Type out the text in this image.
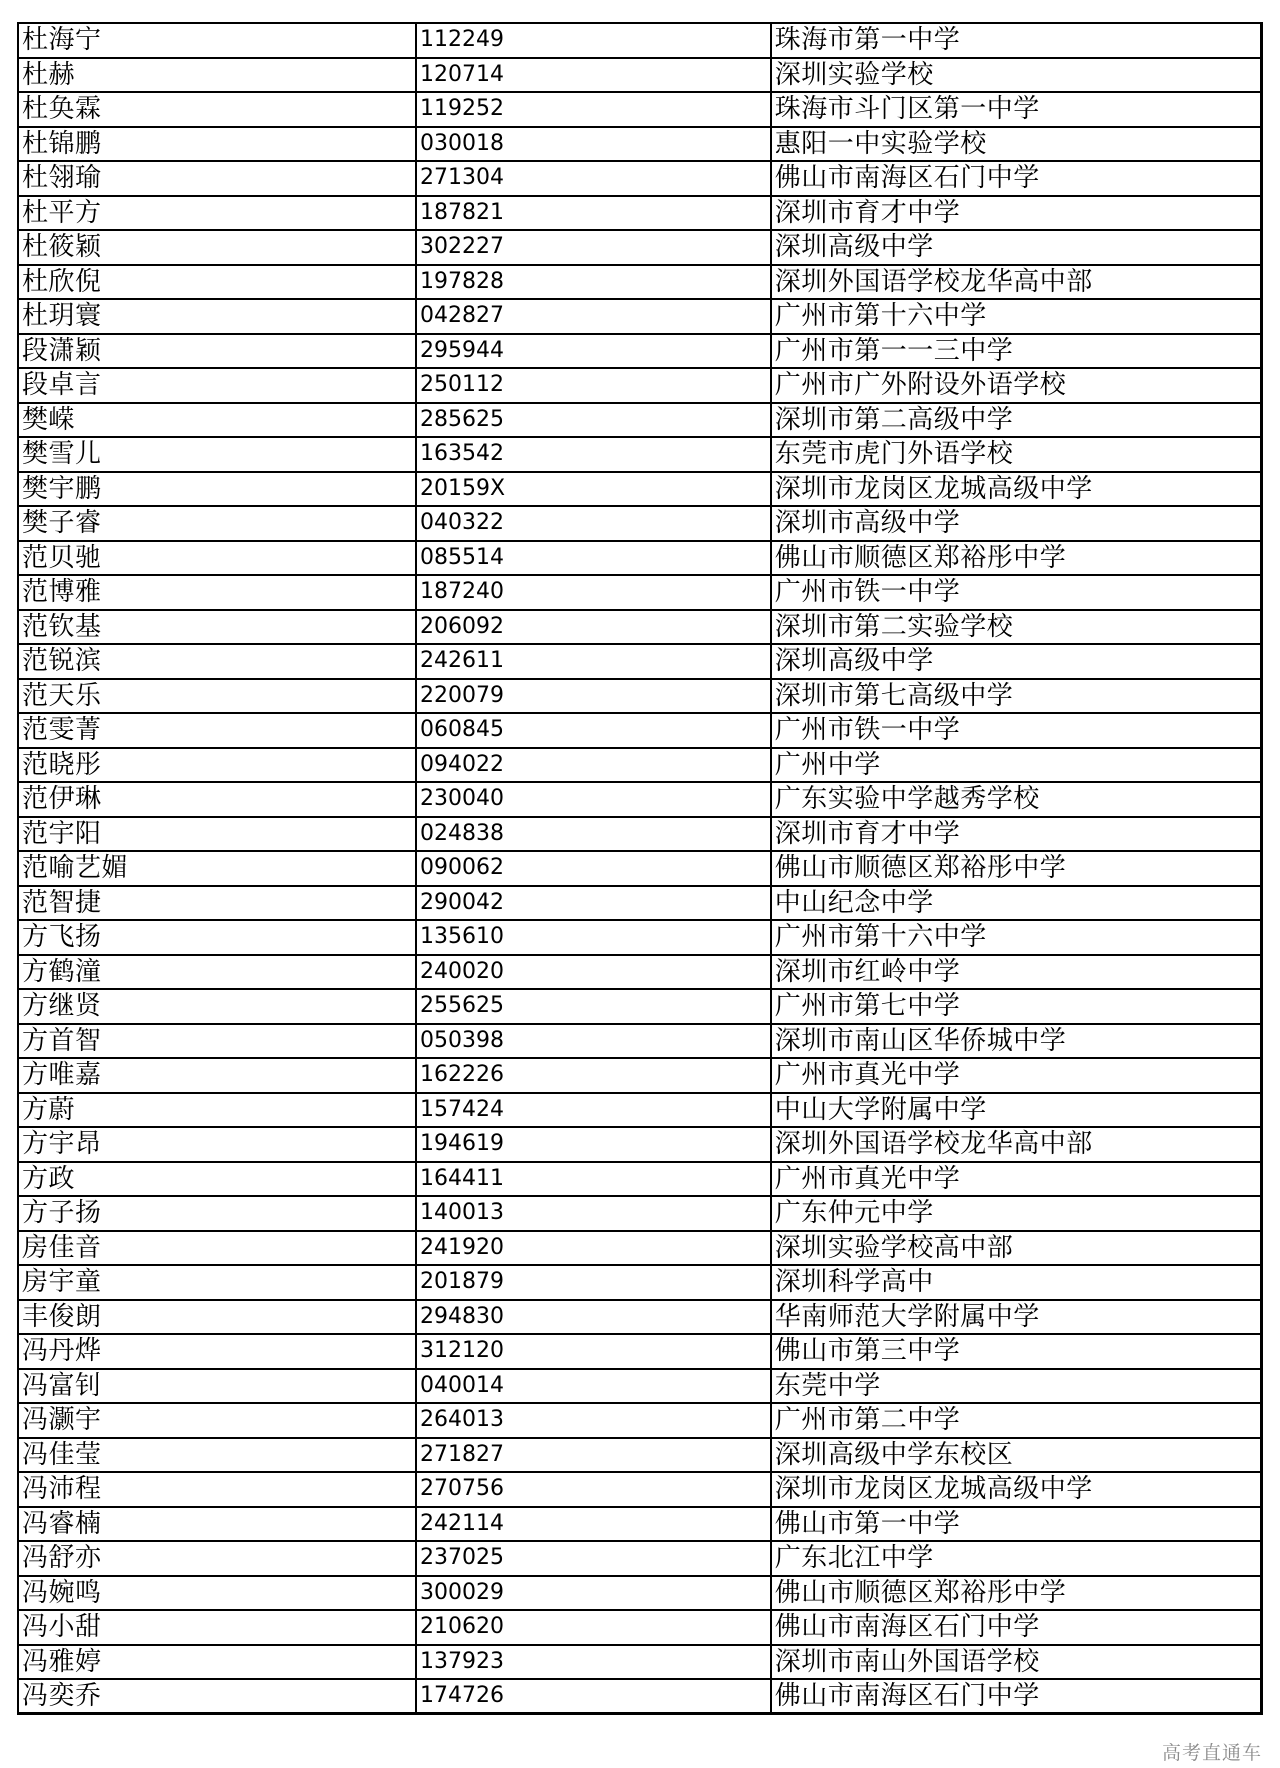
杜海宁	112249	珠海市第一中学
杜赫	120714	深圳实验学校
杜奂霖	119252	珠海市斗门区第一中学
杜锦鹏	030018	惠阳一中实验学校
杜翎瑜	271304	佛山市南海区石门中学
杜平方	187821	深圳市育才中学
杜筱颖	302227	深圳高级中学
杜欣倪	197828	深圳外国语学校龙华高中部
杜玥寰	042827	广州市第十六中学
段潇颖	295944	广州市第一一三中学
段卓言	250112	广州市广外附设外语学校
樊嵘	285625	深圳市第二高级中学
樊雪儿	163542	东莞市虎门外语学校
樊宇鹏	20159X	深圳市龙岗区龙城高级中学
樊子睿	040322	深圳市高级中学
范贝驰	085514	佛山市顺德区郑裕彤中学
范博雅	187240	广州市铁一中学
范钦基	206092	深圳市第二实验学校
范锐滨	242611	深圳高级中学
范天乐	220079	深圳市第七高级中学
范雯菁	060845	广州市铁一中学
范晓彤	094022	广州中学
范伊琳	230040	广东实验中学越秀学校
范宇阳	024838	深圳市育才中学
范喻艺媚	090062	佛山市顺德区郑裕彤中学
范智捷	290042	中山纪念中学
方飞扬	135610	广州市第十六中学
方鹤潼	240020	深圳市红岭中学
方继贤	255625	广州市第七中学
方首智	050398	深圳市南山区华侨城中学
方唯嘉	162226	广州市真光中学
方蔚	157424	中山大学附属中学
方宇昂	194619	深圳外国语学校龙华高中部
方政	164411	广州市真光中学
方子扬	140013	广东仲元中学
房佳音	241920	深圳实验学校高中部
房宇童	201879	深圳科学高中
丰俊朗	294830	华南师范大学附属中学
冯丹烨	312120	佛山市第三中学
冯富钊	040014	东莞中学
冯灏宇	264013	广州市第二中学
冯佳莹	271827	深圳高级中学东校区
冯沛程	270756	深圳市龙岗区龙城高级中学
冯睿楠	242114	佛山市第一中学
冯舒亦	237025	广东北江中学
冯婉鸣	300029	佛山市顺德区郑裕彤中学
冯小甜	210620	佛山市南海区石门中学
冯雅婷	137923	深圳市南山外国语学校
冯奕乔	174726	佛山市南海区石门中学
高考直通车
